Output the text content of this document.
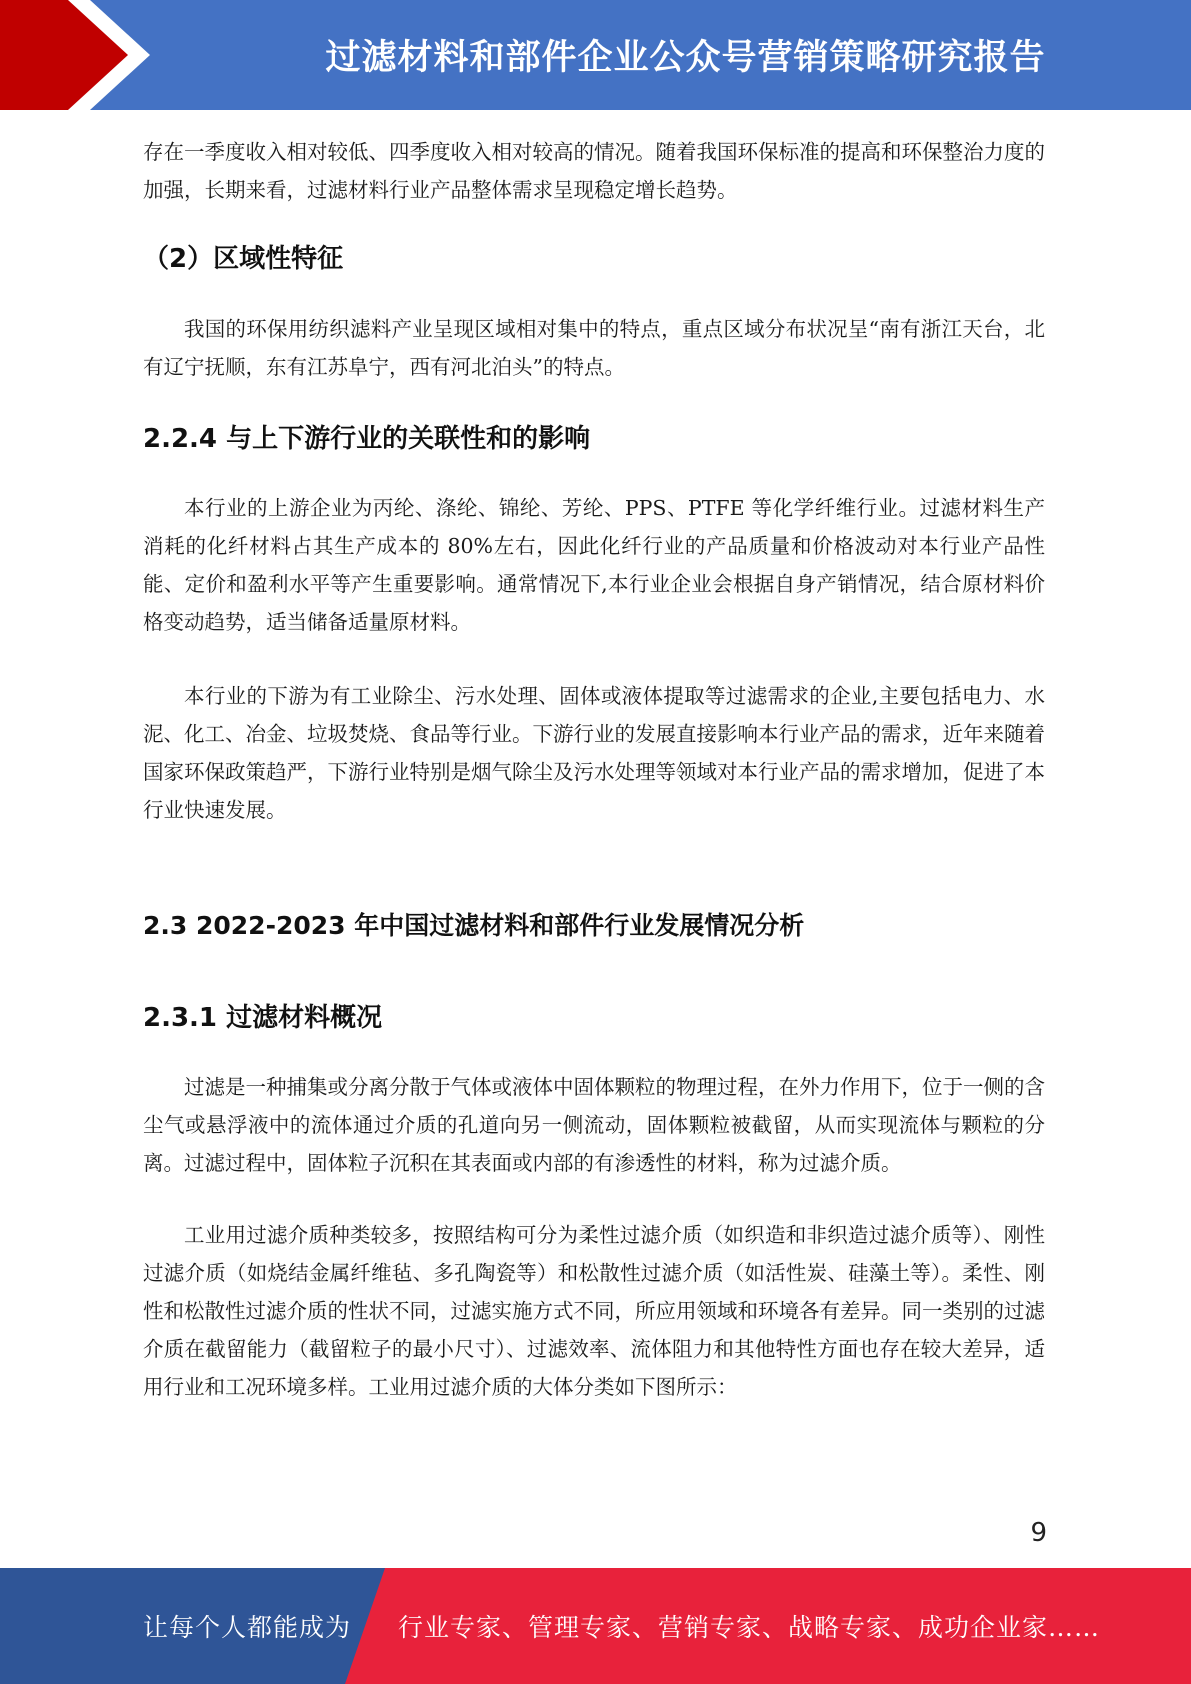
过滤材料和部件企业公众号营销策略研究报告

存在一季度收入相对较低、四季度收入相对较高的情况。随着我国环保标准的提高和环保整治力度的加强，长期来看，过滤材料行业产品整体需求呈现稳定增长趋势。

（2）区域性特征

我国的环保用纺织滤料产业呈现区域相对集中的特点，重点区域分布状况呈“南有浙江天台，北有辽宁抚顺，东有江苏阜宁，西有河北泊头”的特点。

2.2.4 与上下游行业的关联性和的影响

本行业的上游企业为丙纶、涤纶、锦纶、芳纶、PPS、PTFE 等化学纤维行业。过滤材料生产消耗的化纤材料占其生产成本的 80%左右，因此化纤行业的产品质量和价格波动对本行业产品性能、定价和盈利水平等产生重要影响。通常情况下,本行业企业会根据自身产销情况，结合原材料价格变动趋势，适当储备适量原材料。

本行业的下游为有工业除尘、污水处理、固体或液体提取等过滤需求的企业,主要包括电力、水泥、化工、冶金、垃圾焚烧、食品等行业。下游行业的发展直接影响本行业产品的需求，近年来随着国家环保政策趋严，下游行业特别是烟气除尘及污水处理等领域对本行业产品的需求增加，促进了本行业快速发展。

2.3 2022-2023 年中国过滤材料和部件行业发展情况分析
2.3.1 过滤材料概况

过滤是一种捕集或分离分散于气体或液体中固体颗粒的物理过程，在外力作用下，位于一侧的含尘气或悬浮液中的流体通过介质的孔道向另一侧流动，固体颗粒被截留，从而实现流体与颗粒的分离。过滤过程中，固体粒子沉积在其表面或内部的有渗透性的材料，称为过滤介质。

工业用过滤介质种类较多，按照结构可分为柔性过滤介质（如织造和非织造过滤介质等）、刚性过滤介质（如烧结金属纤维毡、多孔陶瓷等）和松散性过滤介质（如活性炭、硅藻土等）。柔性、刚性和松散性过滤介质的性状不同，过滤实施方式不同，所应用领域和环境各有差异。同一类别的过滤介质在截留能力（截留粒子的最小尺寸）、过滤效率、流体阻力和其他特性方面也存在较大差异，适用行业和工况环境多样。工业用过滤介质的大体分类如下图所示：

9
让每个人都能成为 行业专家、管理专家、营销专家、战略专家、成功企业家……
